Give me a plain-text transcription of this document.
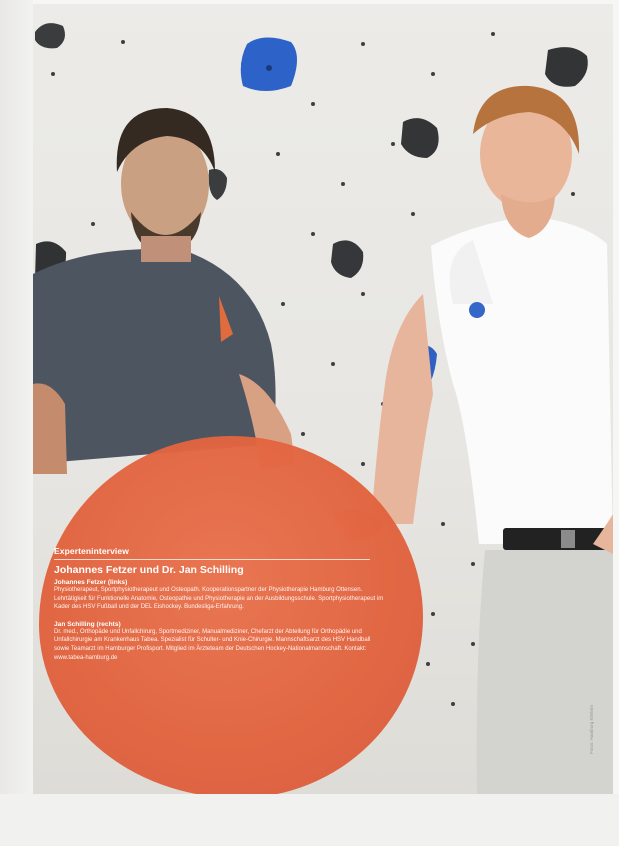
Experteninterview
Johannes Fetzer und Dr. Jan Schilling
Johannes Fetzer (links)
Physiotherapeut, Sportphysiotherapeut und Osteopath. Kooperationspartner der Physiotherapie Hamburg Ottensen. Lehrtätigkeit für Funktionelle Anatomie, Osteopathie und Physiotherapie an der Ausbildungsschule. Sportphysiotherapeut im Kader des HSV Fußball und der DEL Eishockey. Bundesliga-Erfahrung.
Jan Schilling (rechts)
Dr. med., Orthopäde und Unfallchirurg, Sportmediziner, Manualmediziner, Chefarzt der Abteilung für Orthopädie und Unfallchirurgie am Krankenhaus Tabea. Spezialist für Schulter- und Knie-Chirurgie. Mannschaftsarzt des HSV Handball sowie Teamarzt im Hamburger Profisport. Mitglied im Ärzteteam der Deutschen Hockey-Nationalmannschaft. Kontakt: www.tabea-hamburg.de
Fotos: Hamburg Klettern
